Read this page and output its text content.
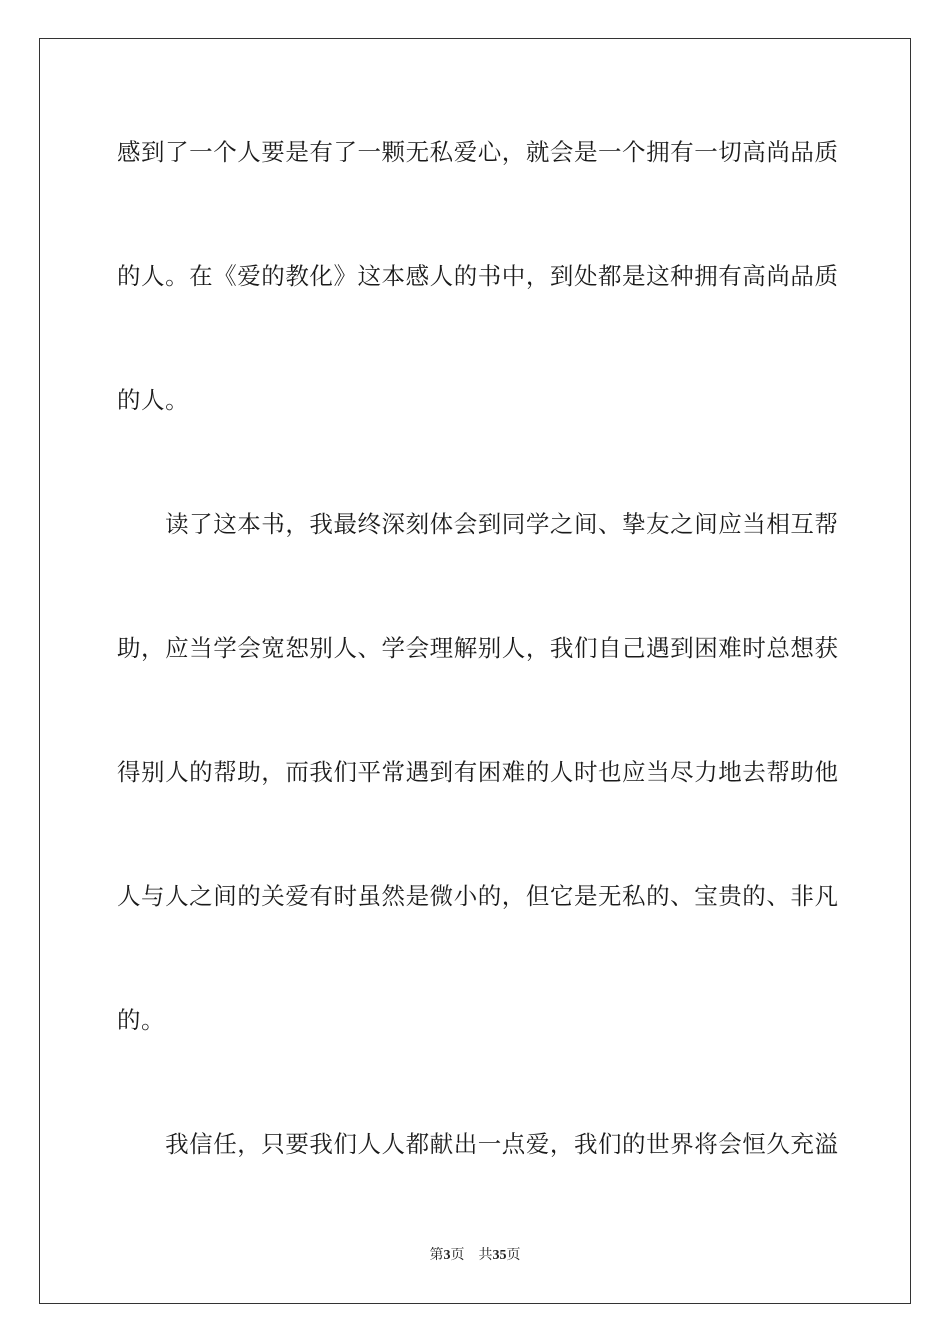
感到了一个人要是有了一颗无私爱心，就会是一个拥有一切高尚品质
的人。在《爱的教化》这本感人的书中，到处都是这种拥有高尚品质
的人。
　　读了这本书，我最终深刻体会到同学之间、挚友之间应当相互帮
助，应当学会宽恕别人、学会理解别人，我们自己遇到困难时总想获
得别人的帮助，而我们平常遇到有困难的人时也应当尽力地去帮助他
人与人之间的关爱有时虽然是微小的，但它是无私的、宝贵的、非凡
的。
　　我信任，只要我们人人都献出一点爱，我们的世界将会恒久充溢
第3页 共35页
